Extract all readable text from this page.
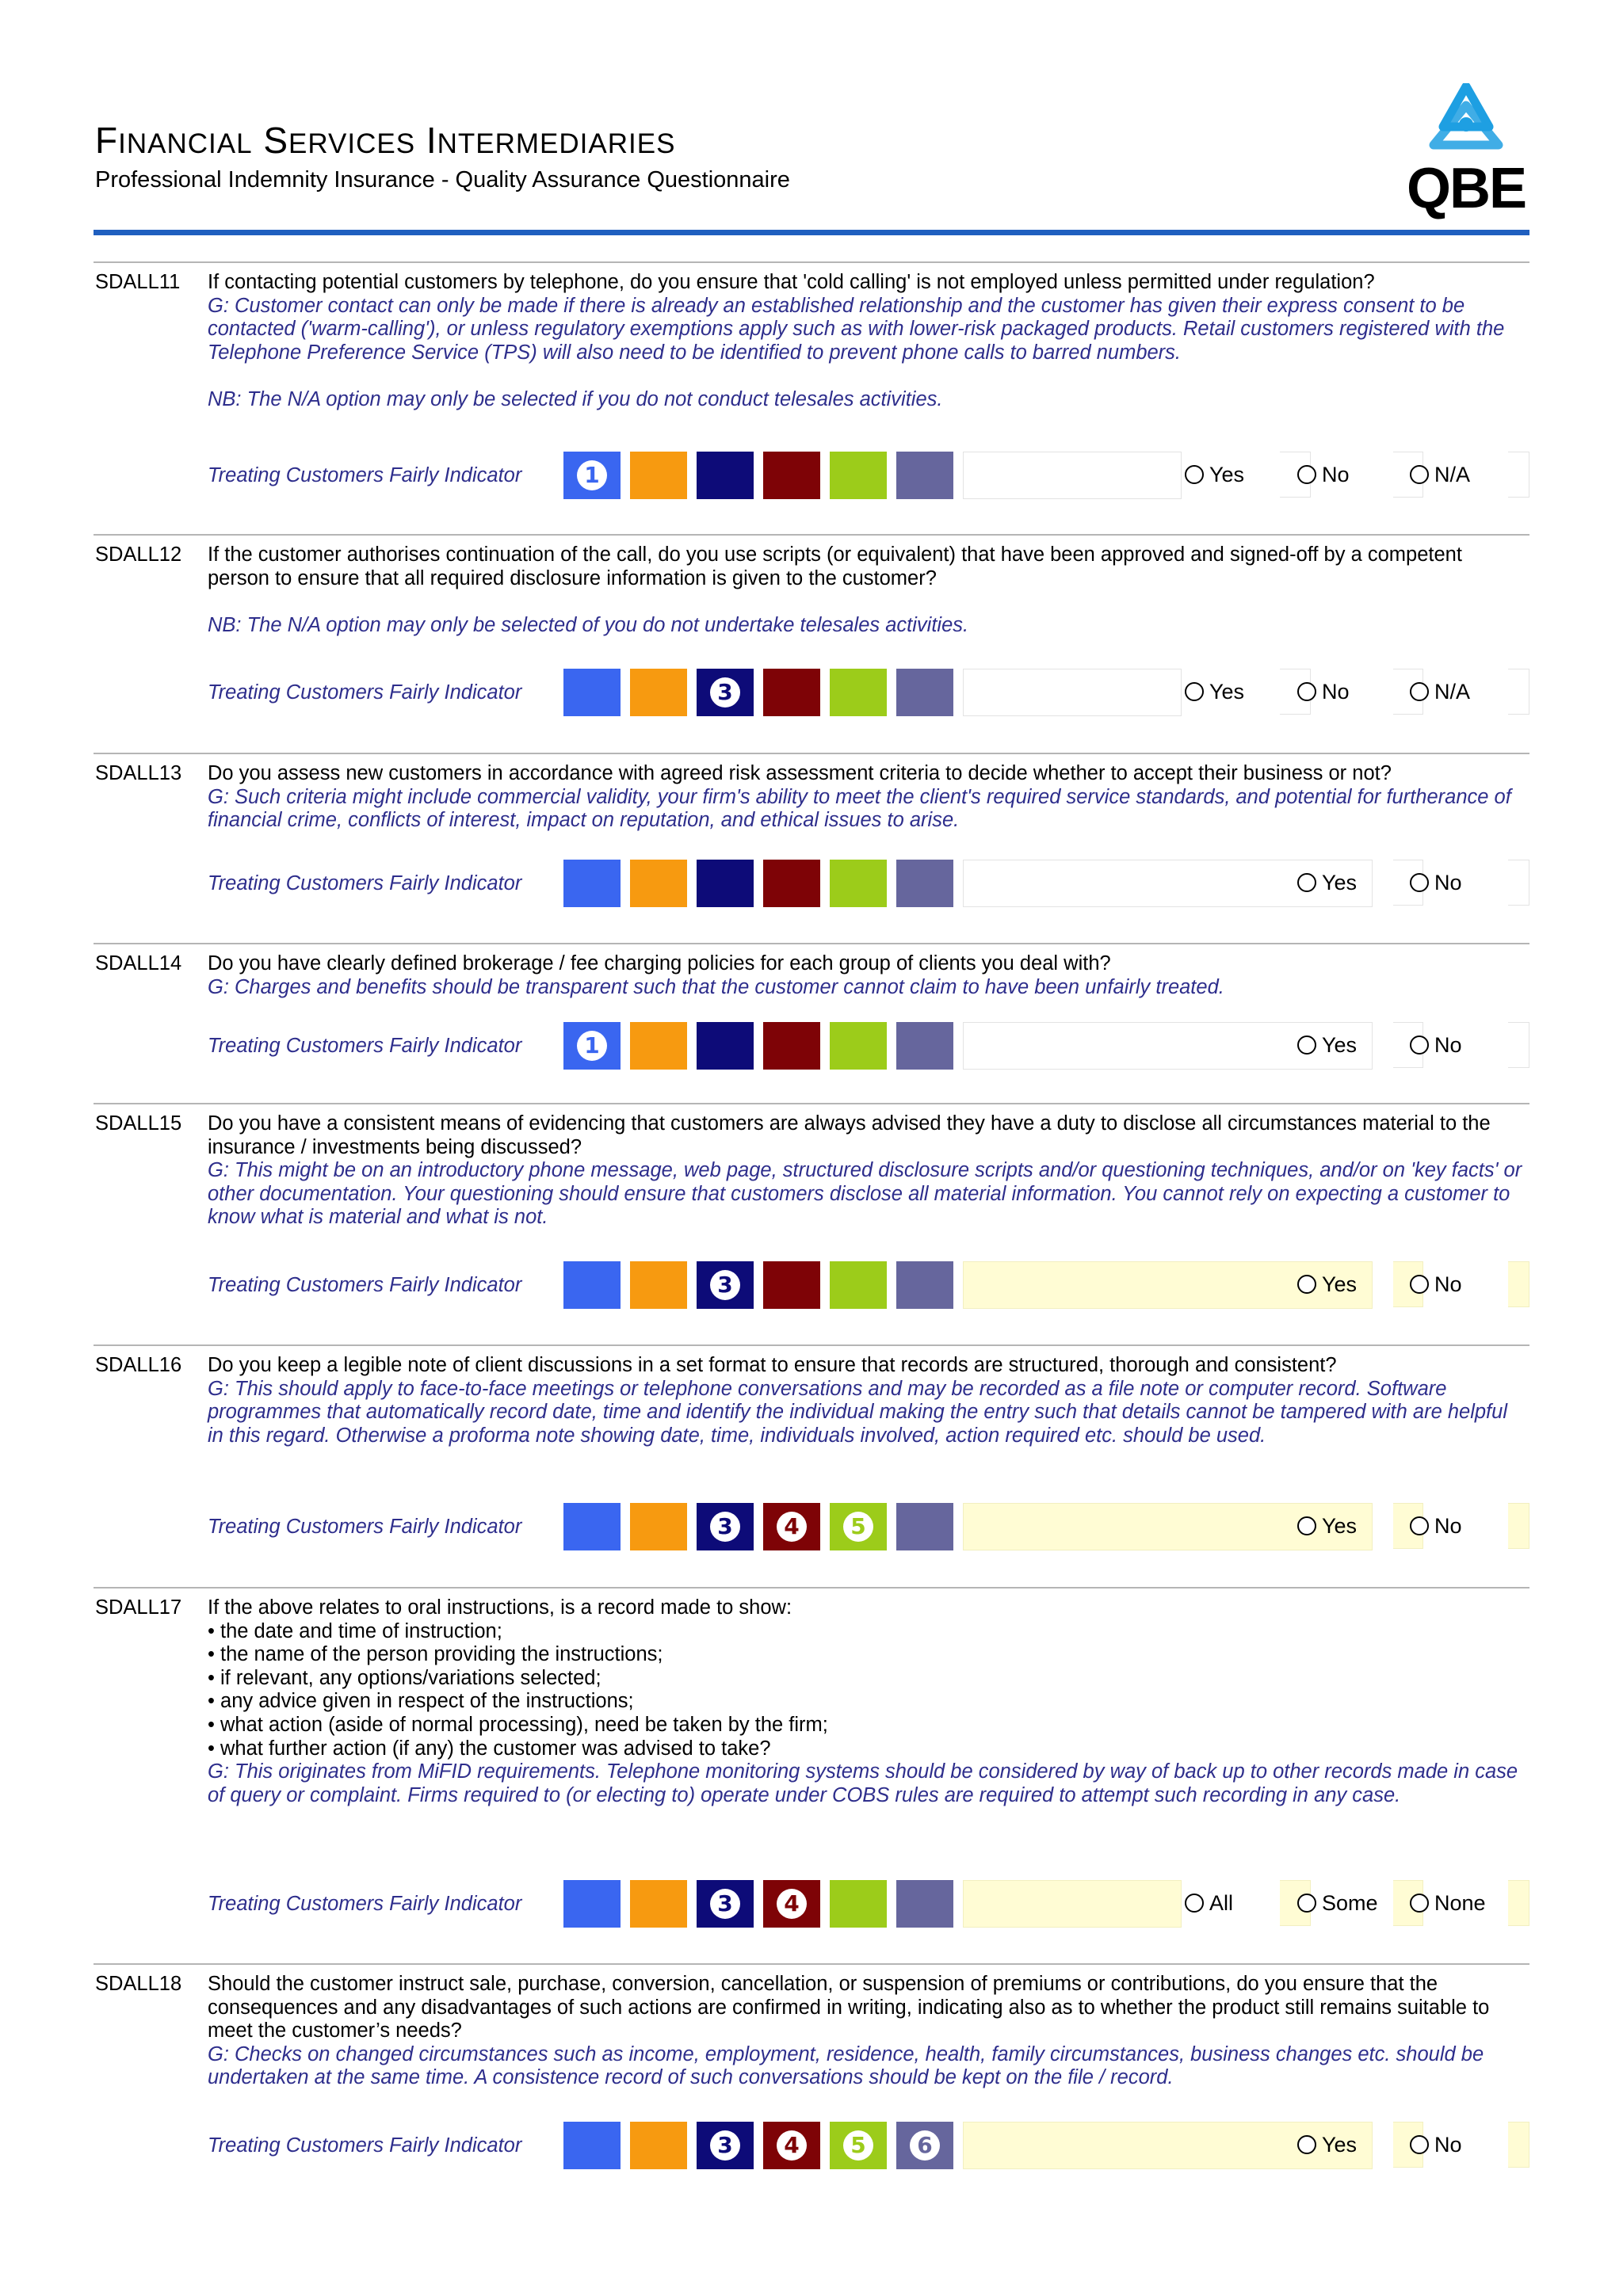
FINANCIAL SERVICES INTERMEDIARIES
Professional Indemnity Insurance - Quality Assurance Questionnaire	QBE
SDALL11 If contacting potential customers by telephone, do you ensure that 'cold calling' is not employed unless permitted under regulation?
G: Customer contact can only be made if there is already an established relationship and the customer has given their express consent to be contacted ('warm-calling'), or unless regulatory exemptions apply such as with lower-risk packaged products. Retail customers registered with the Telephone Preference Service (TPS) will also need to be identified to prevent phone calls to barred numbers.
NB: The N/A option may only be selected if you do not conduct telesales activities.
Treating Customers Fairly Indicator	1	Yes	No	N/A
SDALL12 If the customer authorises continuation of the call, do you use scripts (or equivalent) that have been approved and signed-off by a competent person to ensure that all required disclosure information is given to the customer?
NB: The N/A option may only be selected of you do not undertake telesales activities.
Treating Customers Fairly Indicator	3	Yes	No	N/A
SDALL13 Do you assess new customers in accordance with agreed risk assessment criteria to decide whether to accept their business or not?
G: Such criteria might include commercial validity, your firm's ability to meet the client's required service standards, and potential for furtherance of financial crime, conflicts of interest, impact on reputation, and ethical issues to arise.
Treating Customers Fairly Indicator	Yes	No
SDALL14 Do you have clearly defined brokerage / fee charging policies for each group of clients you deal with?
G: Charges and benefits should be transparent such that the customer cannot claim to have been unfairly treated.
Treating Customers Fairly Indicator	1	Yes	No
SDALL15 Do you have a consistent means of evidencing that customers are always advised they have a duty to disclose all circumstances material to the insurance / investments being discussed?
G: This might be on an introductory phone message, web page, structured disclosure scripts and/or questioning techniques, and/or on 'key facts' or other documentation. Your questioning should ensure that customers disclose all material information. You cannot rely on expecting a customer to know what is material and what is not.
Treating Customers Fairly Indicator	3	Yes	No
SDALL16 Do you keep a legible note of client discussions in a set format to ensure that records are structured, thorough and consistent?
G: This should apply to face-to-face meetings or telephone conversations and may be recorded as a file note or computer record. Software programmes that automatically record date, time and identify the individual making the entry such that details cannot be tampered with are helpful in this regard. Otherwise a proforma note showing date, time, individuals involved, action required etc. should be used.
Treating Customers Fairly Indicator	3	4	5	Yes	No
SDALL17 If the above relates to oral instructions, is a record made to show:
• the date and time of instruction;
• the name of the person providing the instructions;
• if relevant, any options/variations selected;
• any advice given in respect of the instructions;
• what action (aside of normal processing), need be taken by the firm;
• what further action (if any) the customer was advised to take?
G: This originates from MiFID requirements. Telephone monitoring systems should be considered by way of back up to other records made in case of query or complaint. Firms required to (or electing to) operate under COBS rules are required to attempt such recording in any case.
Treating Customers Fairly Indicator	3	4	All	Some	None
SDALL18 Should the customer instruct sale, purchase, conversion, cancellation, or suspension of premiums or contributions, do you ensure that the consequences and any disadvantages of such actions are confirmed in writing, indicating also as to whether the product still remains suitable to meet the customer’s needs?
G: Checks on changed circumstances such as income, employment, residence, health, family circumstances, business changes etc. should be undertaken at the same time. A consistence record of such conversations should be kept on the file / record.
Treating Customers Fairly Indicator	3	4	5	6	Yes	No
